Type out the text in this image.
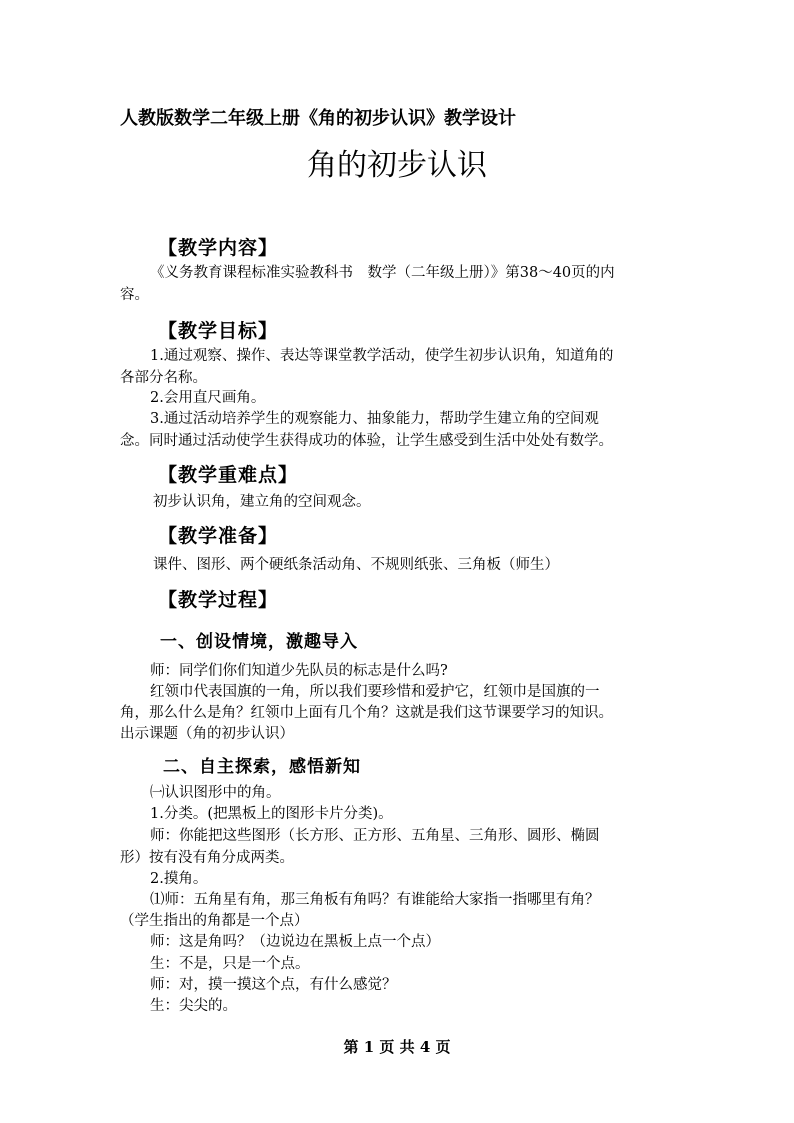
人教版数学二年级上册《角的初步认识》教学设计
角的初步认识
【教学内容】
《义务教育课程标准实验教科书　数学（二年级上册）》第38～40页的内
容。
【教学目标】
1.通过观察、操作、表达等课堂教学活动，使学生初步认识角，知道角的
各部分名称。
2.会用直尺画角。
3.通过活动培养学生的观察能力、抽象能力，帮助学生建立角的空间观
念。同时通过活动使学生获得成功的体验，让学生感受到生活中处处有数学。
【教学重难点】
初步认识角，建立角的空间观念。
【教学准备】
课件、图形、两个硬纸条活动角、不规则纸张、三角板（师生）
【教学过程】
一、创设情境，激趣导入
师：同学们你们知道少先队员的标志是什么吗?
红领巾代表国旗的一角，所以我们要珍惜和爱护它，红领巾是国旗的一
角，那么什么是角？红领巾上面有几个角？这就是我们这节课要学习的知识。
出示课题（角的初步认识）
二、自主探索，感悟新知
㈠认识图形中的角。
1.分类。(把黑板上的图形卡片分类)。
师：你能把这些图形（长方形、正方形、五角星、三角形、圆形、椭圆
形）按有没有角分成两类。
2.摸角。
⑴师：五角星有角，那三角板有角吗？有谁能给大家指一指哪里有角？
（学生指出的角都是一个点）
师：这是角吗？（边说边在黑板上点一个点）
生：不是，只是一个点。
师：对，摸一摸这个点，有什么感觉？
生：尖尖的。
第 1 页 共 4 页
